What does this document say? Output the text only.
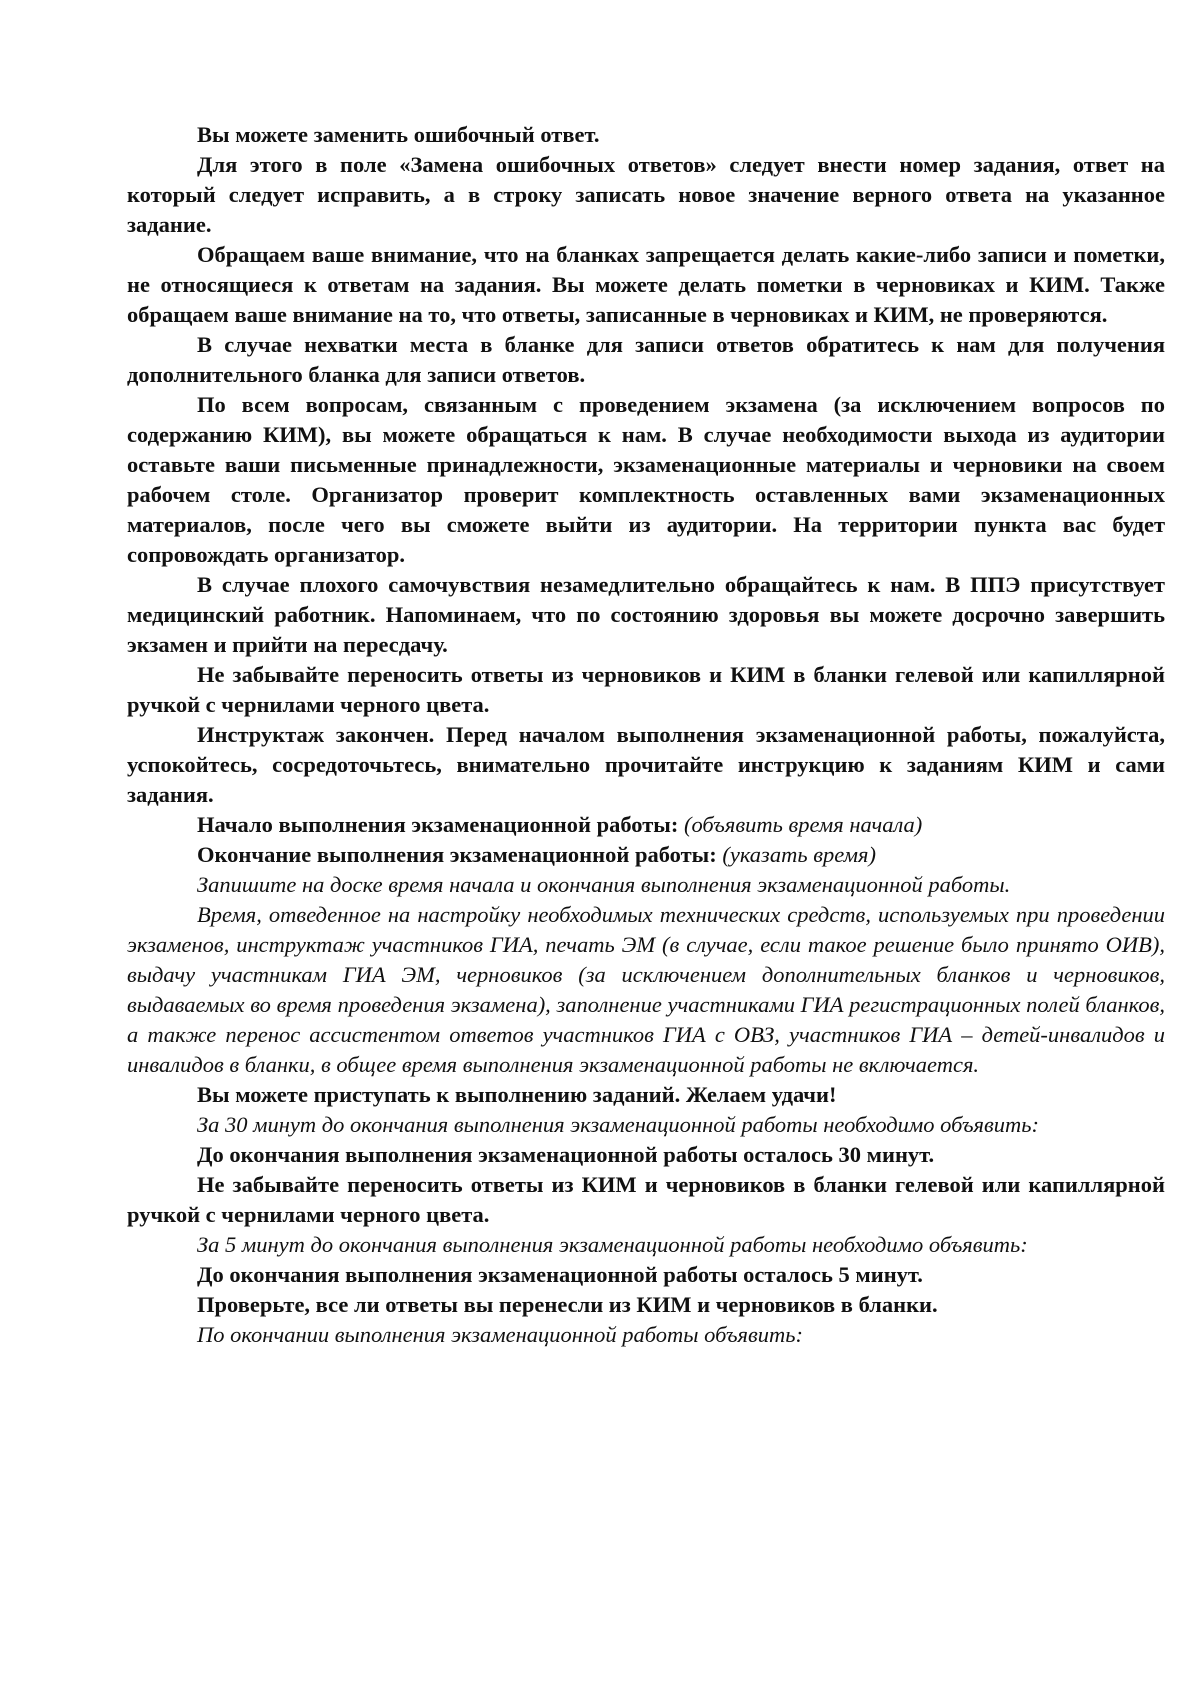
Вы можете заменить ошибочный ответ.

Для этого в поле «Замена ошибочных ответов» следует внести номер задания, ответ на который следует исправить, а в строку записать новое значение верного ответа на указанное задание.

Обращаем ваше внимание, что на бланках запрещается делать какие-либо записи и пометки, не относящиеся к ответам на задания. Вы можете делать пометки в черновиках и КИМ. Также обращаем ваше внимание на то, что ответы, записанные в черновиках и КИМ, не проверяются.

В случае нехватки места в бланке для записи ответов обратитесь к нам для получения дополнительного бланка для записи ответов.

По всем вопросам, связанным с проведением экзамена (за исключением вопросов по содержанию КИМ), вы можете обращаться к нам. В случае необходимости выхода из аудитории оставьте ваши письменные принадлежности, экзаменационные материалы и черновики на своем рабочем столе. Организатор проверит комплектность оставленных вами экзаменационных материалов, после чего вы сможете выйти из аудитории. На территории пункта вас будет сопровождать организатор.

В случае плохого самочувствия незамедлительно обращайтесь к нам. В ППЭ присутствует медицинский работник. Напоминаем, что по состоянию здоровья вы можете досрочно завершить экзамен и прийти на пересдачу.

Не забывайте переносить ответы из черновиков и КИМ в бланки гелевой или капиллярной ручкой с чернилами черного цвета.

Инструктаж закончен. Перед началом выполнения экзаменационной работы, пожалуйста, успокойтесь, сосредоточьтесь, внимательно прочитайте инструкцию к заданиям КИМ и сами задания.

Начало выполнения экзаменационной работы: (объявить время начала)

Окончание выполнения экзаменационной работы: (указать время)

Запишите на доске время начала и окончания выполнения экзаменационной работы.

Время, отведенное на настройку необходимых технических средств, используемых при проведении экзаменов, инструктаж участников ГИА, печать ЭМ (в случае, если такое решение было принято ОИВ), выдачу участникам ГИА ЭМ, черновиков (за исключением дополнительных бланков и черновиков, выдаваемых во время проведения экзамена), заполнение участниками ГИА регистрационных полей бланков, а также перенос ассистентом ответов участников ГИА с ОВЗ, участников ГИА – детей-инвалидов и инвалидов в бланки, в общее время выполнения экзаменационной работы не включается.

Вы можете приступать к выполнению заданий. Желаем удачи!

За 30 минут до окончания выполнения экзаменационной работы необходимо объявить:

До окончания выполнения экзаменационной работы осталось 30 минут.

Не забывайте переносить ответы из КИМ и черновиков в бланки гелевой или капиллярной ручкой с чернилами черного цвета.

За 5 минут до окончания выполнения экзаменационной работы необходимо объявить:

До окончания выполнения экзаменационной работы осталось 5 минут.

Проверьте, все ли ответы вы перенесли из КИМ и черновиков в бланки.

По окончании выполнения экзаменационной работы объявить:
